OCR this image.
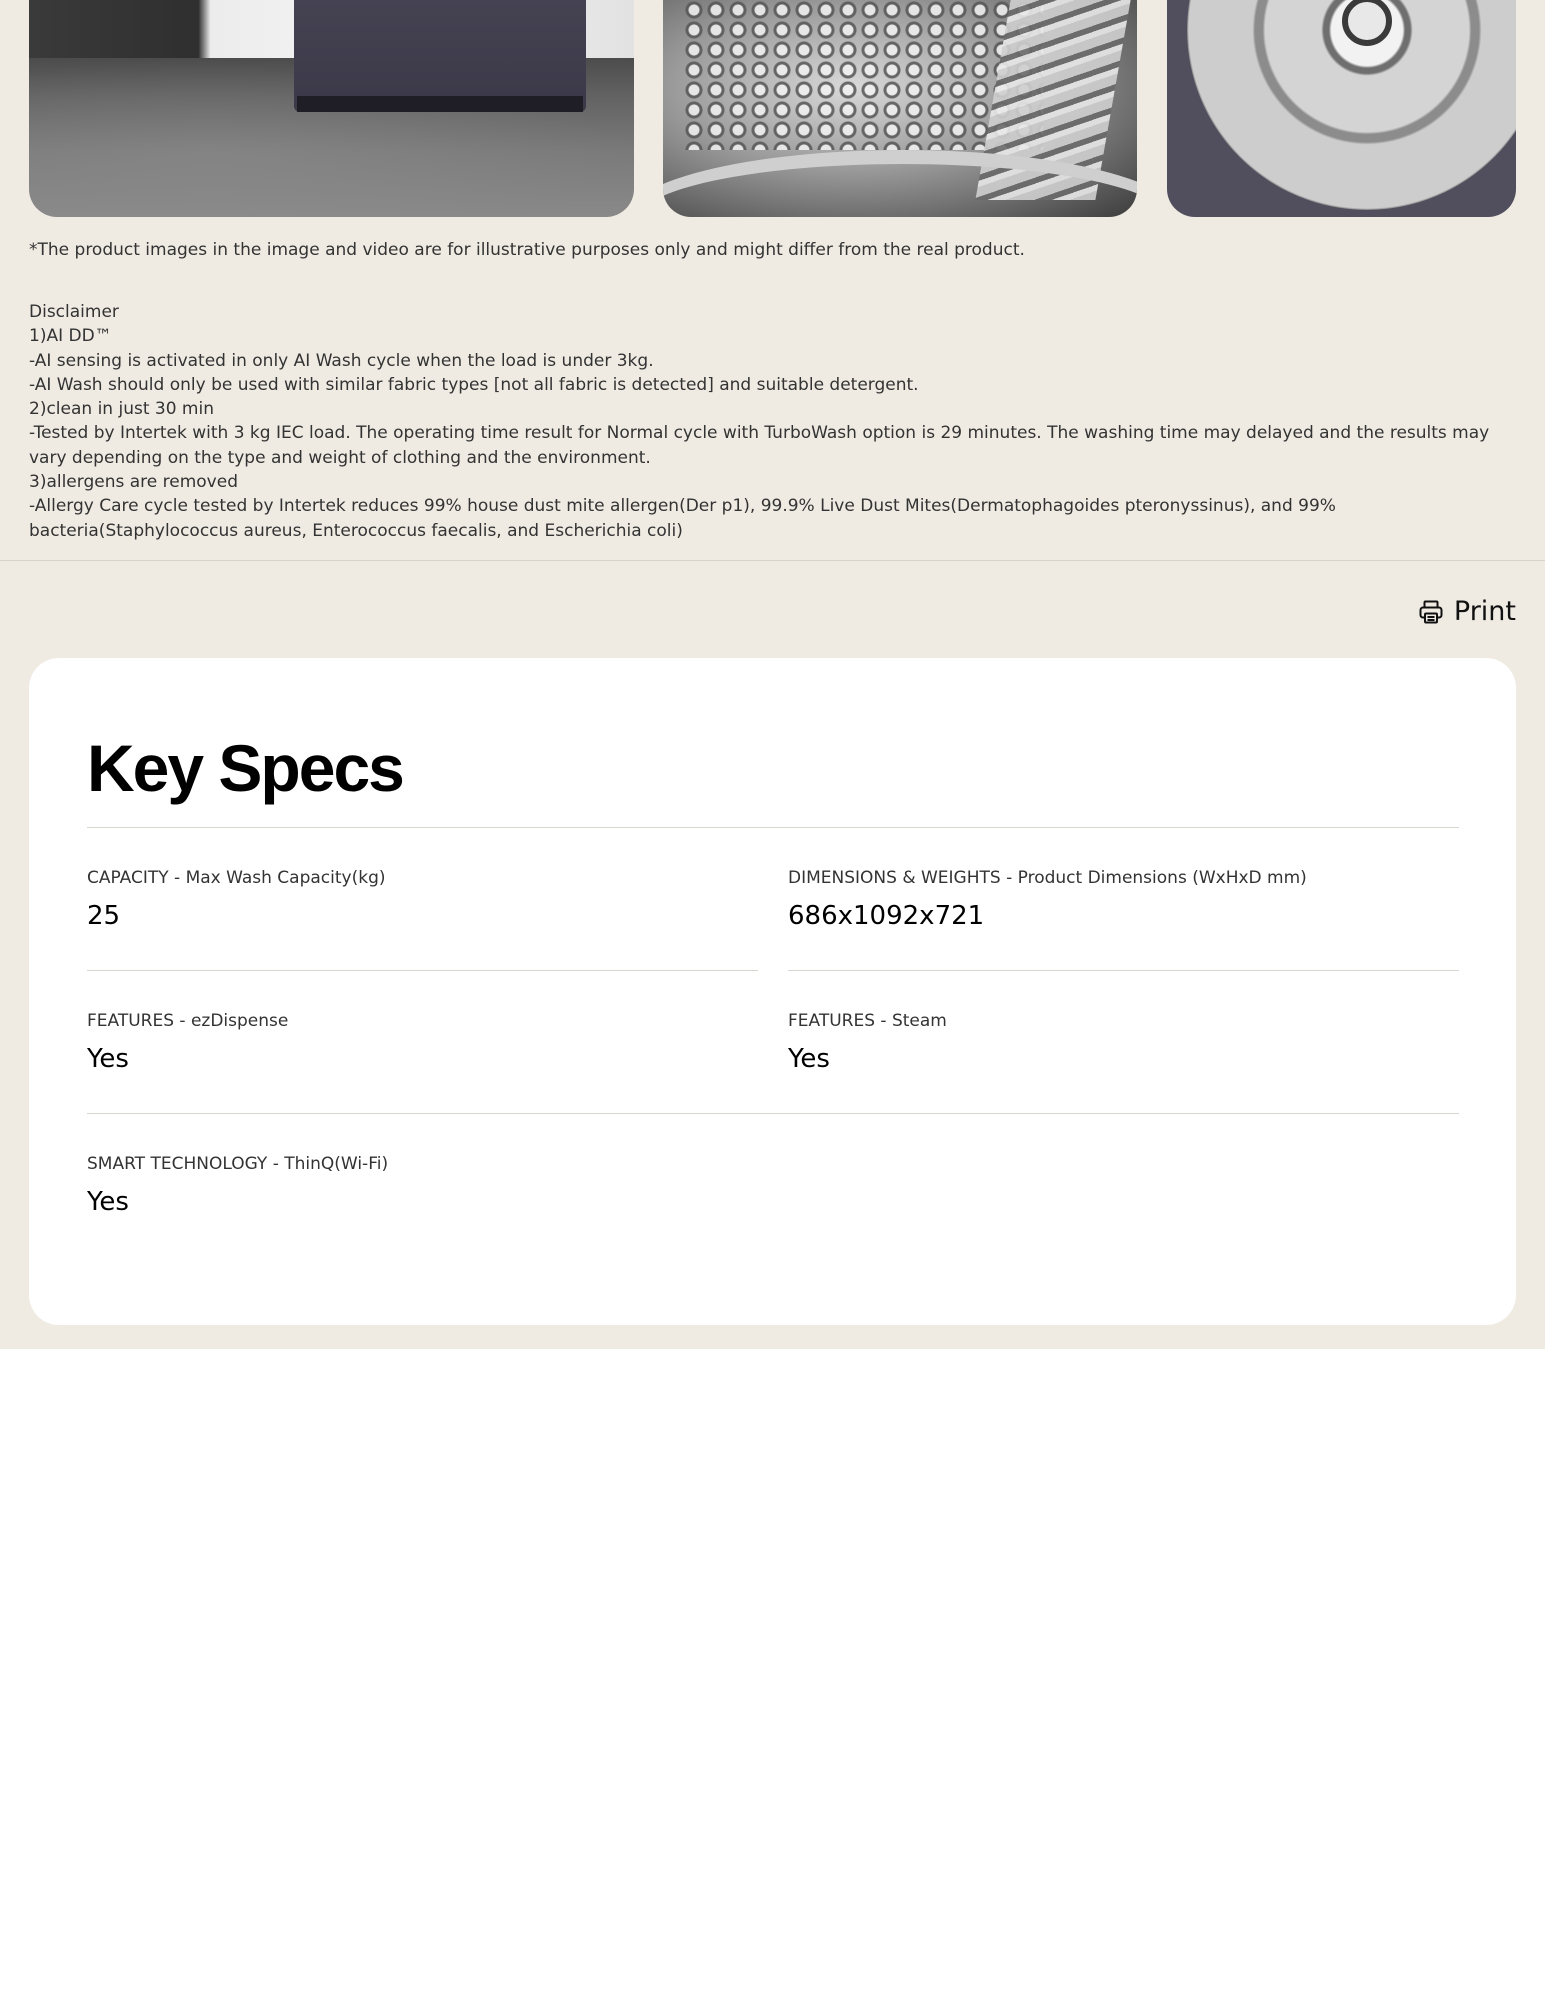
*The product images in the image and video are for illustrative purposes only and might differ from the real product.

Disclaimer
1)AI DD™
-AI sensing is activated in only AI Wash cycle when the load is under 3kg.
-AI Wash should only be used with similar fabric types [not all fabric is detected] and suitable detergent.
2)clean in just 30 min
-Tested by Intertek with 3 kg IEC load. The operating time result for Normal cycle with TurboWash option is 29 minutes. The washing time may delayed and the results may vary depending on the type and weight of clothing and the environment.
3)allergens are removed
-Allergy Care cycle tested by Intertek reduces 99% house dust mite allergen(Der p1), 99.9% Live Dust Mites(Dermatophagoides pteronyssinus), and 99% bacteria(Staphylococcus aureus, Enterococcus faecalis, and Escherichia coli)
Print
Key Specs
CAPACITY - Max Wash Capacity(kg)
25
DIMENSIONS & WEIGHTS - Product Dimensions (WxHxD mm)
686x1092x721
FEATURES - ezDispense
Yes
FEATURES - Steam
Yes
SMART TECHNOLOGY - ThinQ(Wi-Fi)
Yes
